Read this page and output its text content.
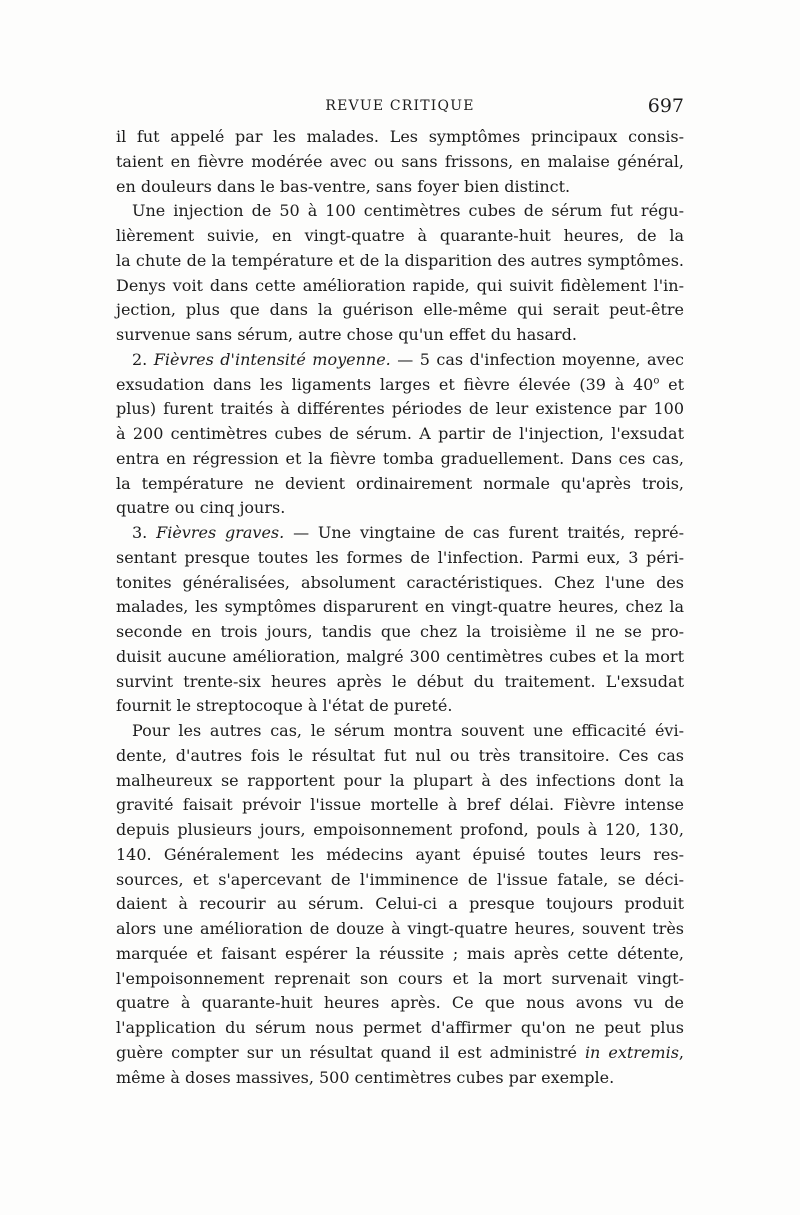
REVUE CRITIQUE	697
il fut appelé par les malades. Les symptômes principaux consis-
taient en fièvre modérée avec ou sans frissons, en malaise général,
en douleurs dans le bas-ventre, sans foyer bien distinct.
Une injection de 50 à 100 centimètres cubes de sérum fut régu-
lièrement suivie, en vingt-quatre à quarante-huit heures, de la
la chute de la température et de la disparition des autres symptômes.
Denys voit dans cette amélioration rapide, qui suivit fidèlement l'in-
jection, plus que dans la guérison elle-même qui serait peut-être
survenue sans sérum, autre chose qu'un effet du hasard.
2. Fièvres d'intensité moyenne. — 5 cas d'infection moyenne, avec
exsudation dans les ligaments larges et fièvre élevée (39 à 40$^o$ et
plus) furent traités à différentes périodes de leur existence par 100
à 200 centimètres cubes de sérum. A partir de l'injection, l'exsudat
entra en régression et la fièvre tomba graduellement. Dans ces cas,
la température ne devient ordinairement normale qu'après trois,
quatre ou cinq jours.
3. Fièvres graves. — Une vingtaine de cas furent traités, repré-
sentant presque toutes les formes de l'infection. Parmi eux, 3 péri-
tonites généralisées, absolument caractéristiques. Chez l'une des
malades, les symptômes disparurent en vingt-quatre heures, chez la
seconde en trois jours, tandis que chez la troisième il ne se pro-
duisit aucune amélioration, malgré 300 centimètres cubes et la mort
survint trente-six heures après le début du traitement. L'exsudat
fournit le streptocoque à l'état de pureté.
Pour les autres cas, le sérum montra souvent une efficacité évi-
dente, d'autres fois le résultat fut nul ou très transitoire. Ces cas
malheureux se rapportent pour la plupart à des infections dont la
gravité faisait prévoir l'issue mortelle à bref délai. Fièvre intense
depuis plusieurs jours, empoisonnement profond, pouls à 120, 130,
140. Généralement les médecins ayant épuisé toutes leurs res-
sources, et s'apercevant de l'imminence de l'issue fatale, se déci-
daient à recourir au sérum. Celui-ci a presque toujours produit
alors une amélioration de douze à vingt-quatre heures, souvent très
marquée et faisant espérer la réussite ; mais après cette détente,
l'empoisonnement reprenait son cours et la mort survenait vingt-
quatre à quarante-huit heures après. Ce que nous avons vu de
l'application du sérum nous permet d'affirmer qu'on ne peut plus
guère compter sur un résultat quand il est administré in extremis,
même à doses massives, 500 centimètres cubes par exemple.
